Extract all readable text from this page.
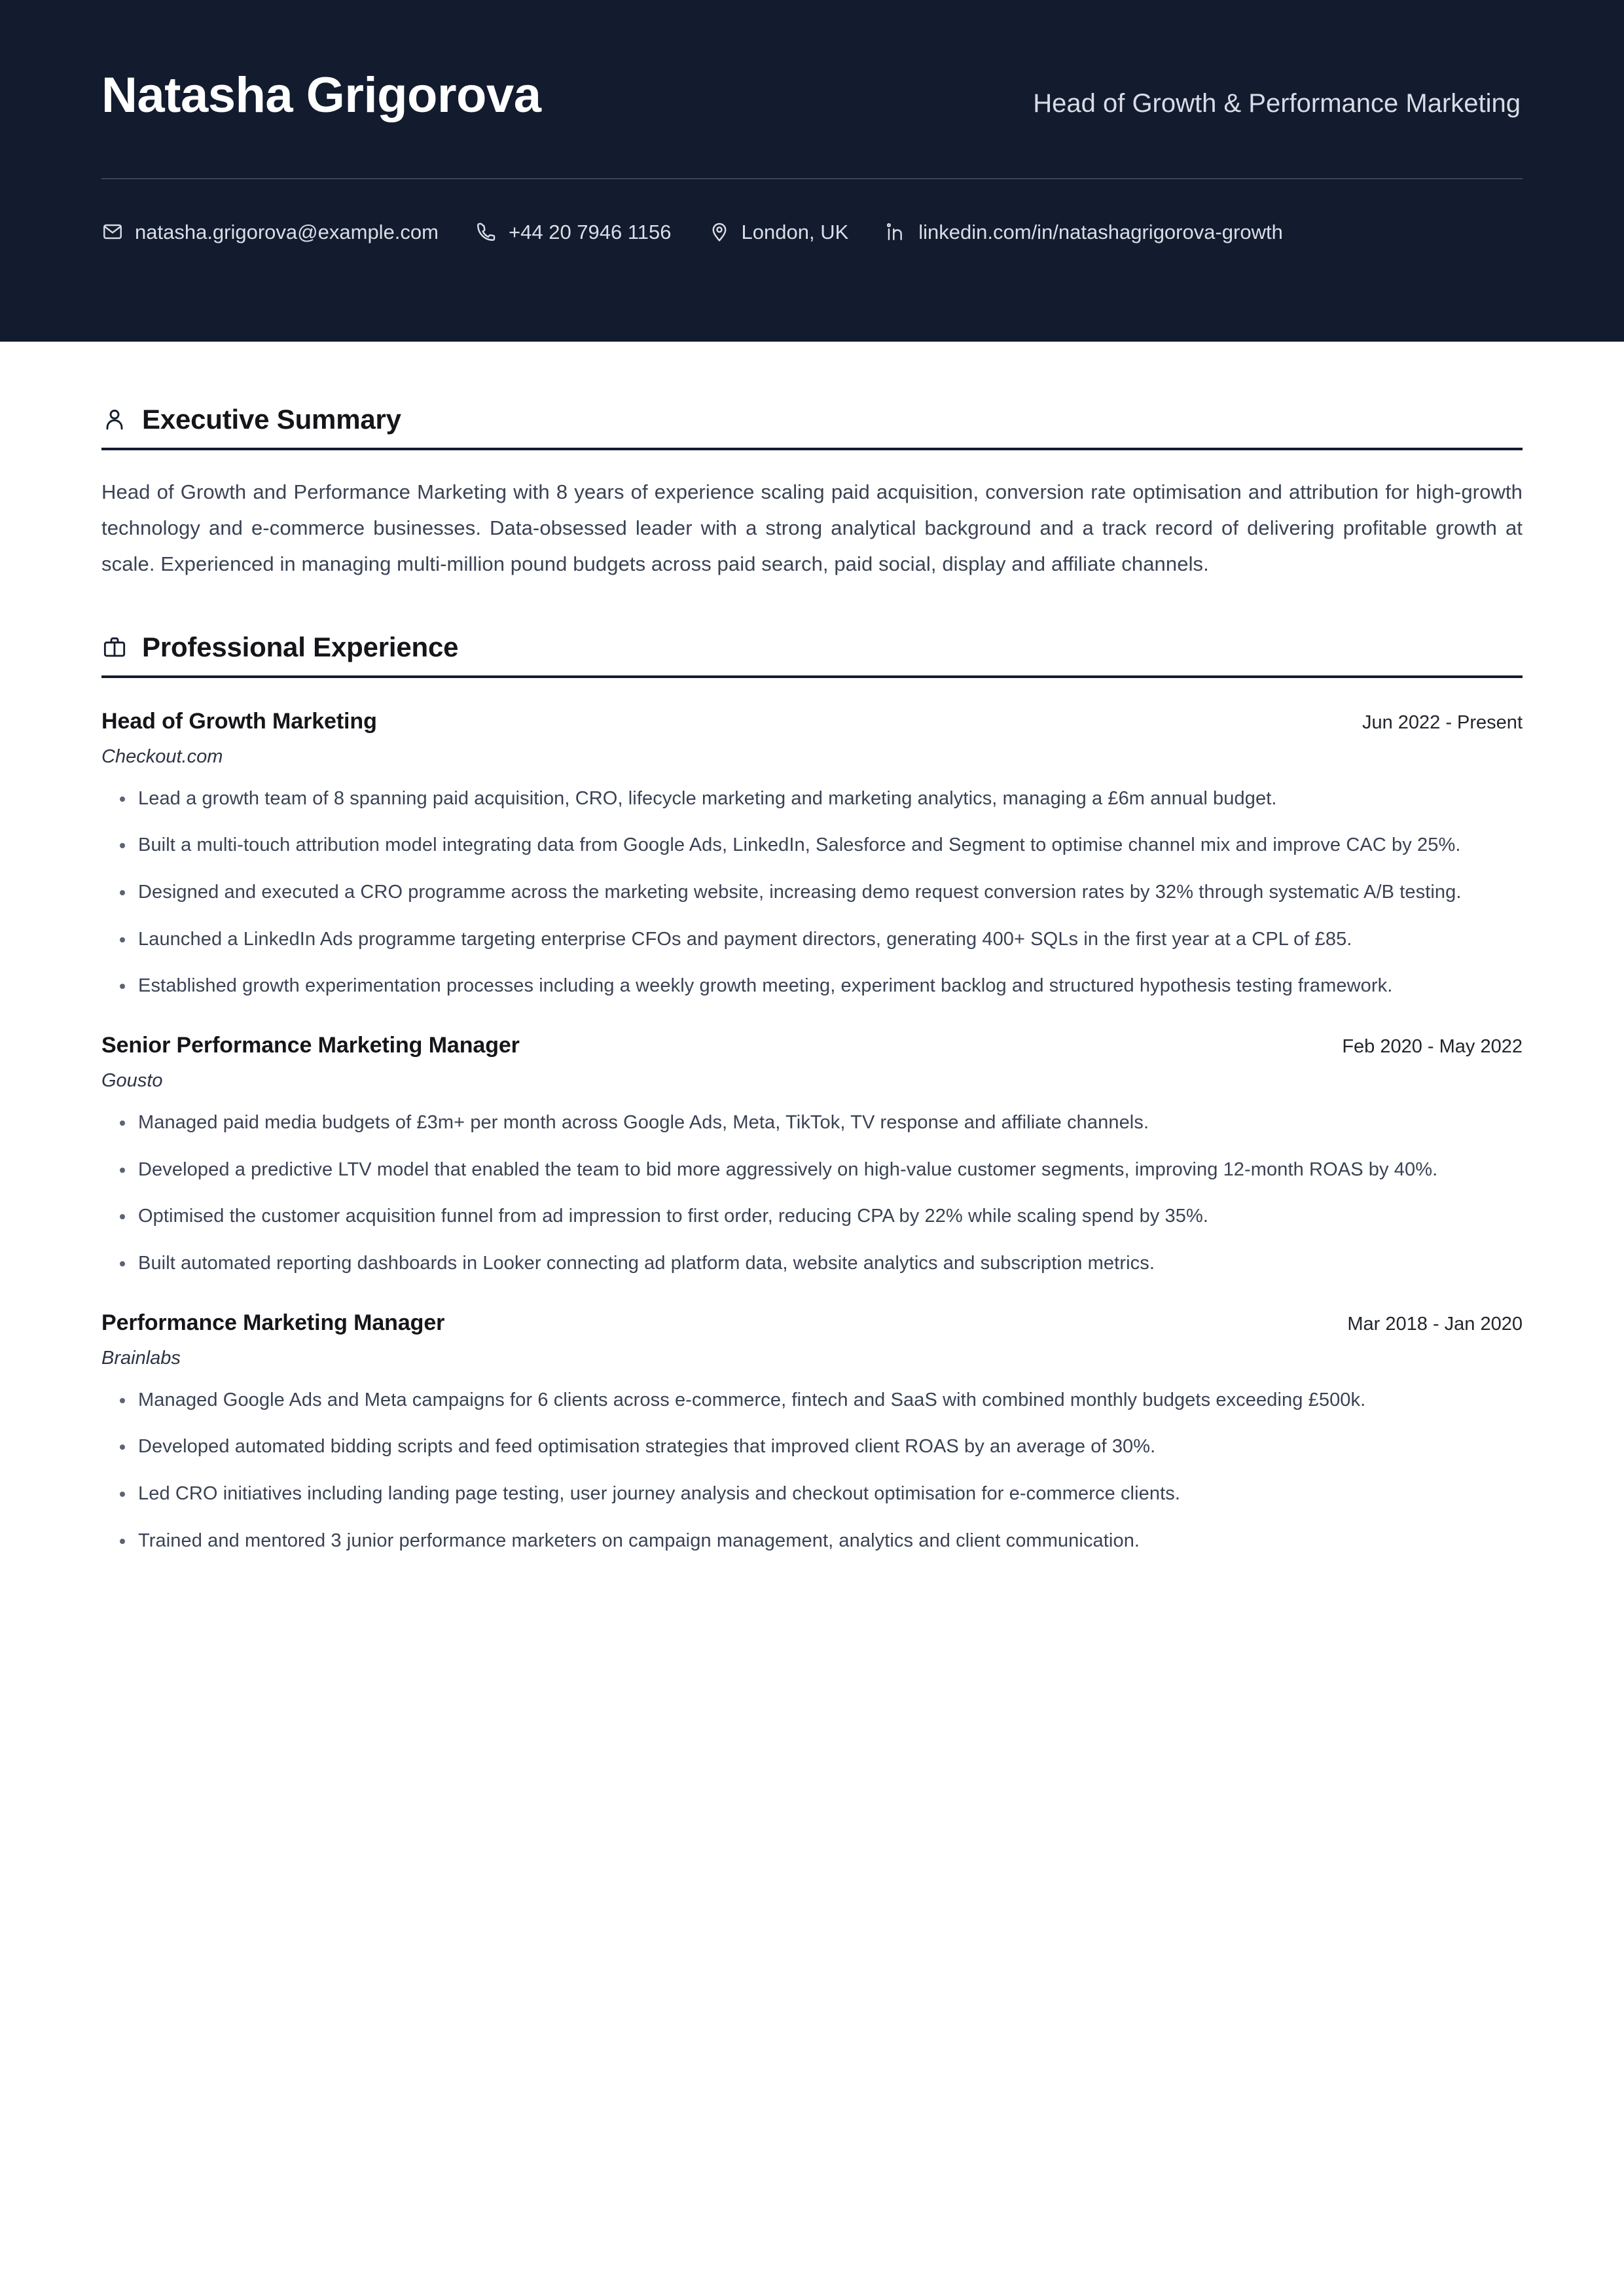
Natasha Grigorova	Head of Growth & Performance Marketing
natasha.grigorova@example.com	+44 20 7946 1156	London, UK	linkedin.com/in/natashagrigorova-growth
Executive Summary

Head of Growth and Performance Marketing with 8 years of experience scaling paid acquisition, conversion rate optimisation and attribution for high-growth technology and e-commerce businesses. Data-obsessed leader with a strong analytical background and a track record of delivering profitable growth at scale. Experienced in managing multi-million pound budgets across paid search, paid social, display and affiliate channels.

Professional Experience
Head of Growth Marketing	Jun 2022 - Present
Checkout.com
Lead a growth team of 8 spanning paid acquisition, CRO, lifecycle marketing and marketing analytics, managing a £6m annual budget.
Built a multi-touch attribution model integrating data from Google Ads, LinkedIn, Salesforce and Segment to optimise channel mix and improve CAC by 25%.
Designed and executed a CRO programme across the marketing website, increasing demo request conversion rates by 32% through systematic A/B testing.
Launched a LinkedIn Ads programme targeting enterprise CFOs and payment directors, generating 400+ SQLs in the first year at a CPL of £85.
Established growth experimentation processes including a weekly growth meeting, experiment backlog and structured hypothesis testing framework.
Senior Performance Marketing Manager	Feb 2020 - May 2022
Gousto
Managed paid media budgets of £3m+ per month across Google Ads, Meta, TikTok, TV response and affiliate channels.
Developed a predictive LTV model that enabled the team to bid more aggressively on high-value customer segments, improving 12-month ROAS by 40%.
Optimised the customer acquisition funnel from ad impression to first order, reducing CPA by 22% while scaling spend by 35%.
Built automated reporting dashboards in Looker connecting ad platform data, website analytics and subscription metrics.
Performance Marketing Manager	Mar 2018 - Jan 2020
Brainlabs
Managed Google Ads and Meta campaigns for 6 clients across e-commerce, fintech and SaaS with combined monthly budgets exceeding £500k.
Developed automated bidding scripts and feed optimisation strategies that improved client ROAS by an average of 30%.
Led CRO initiatives including landing page testing, user journey analysis and checkout optimisation for e-commerce clients.
Trained and mentored 3 junior performance marketers on campaign management, analytics and client communication.
